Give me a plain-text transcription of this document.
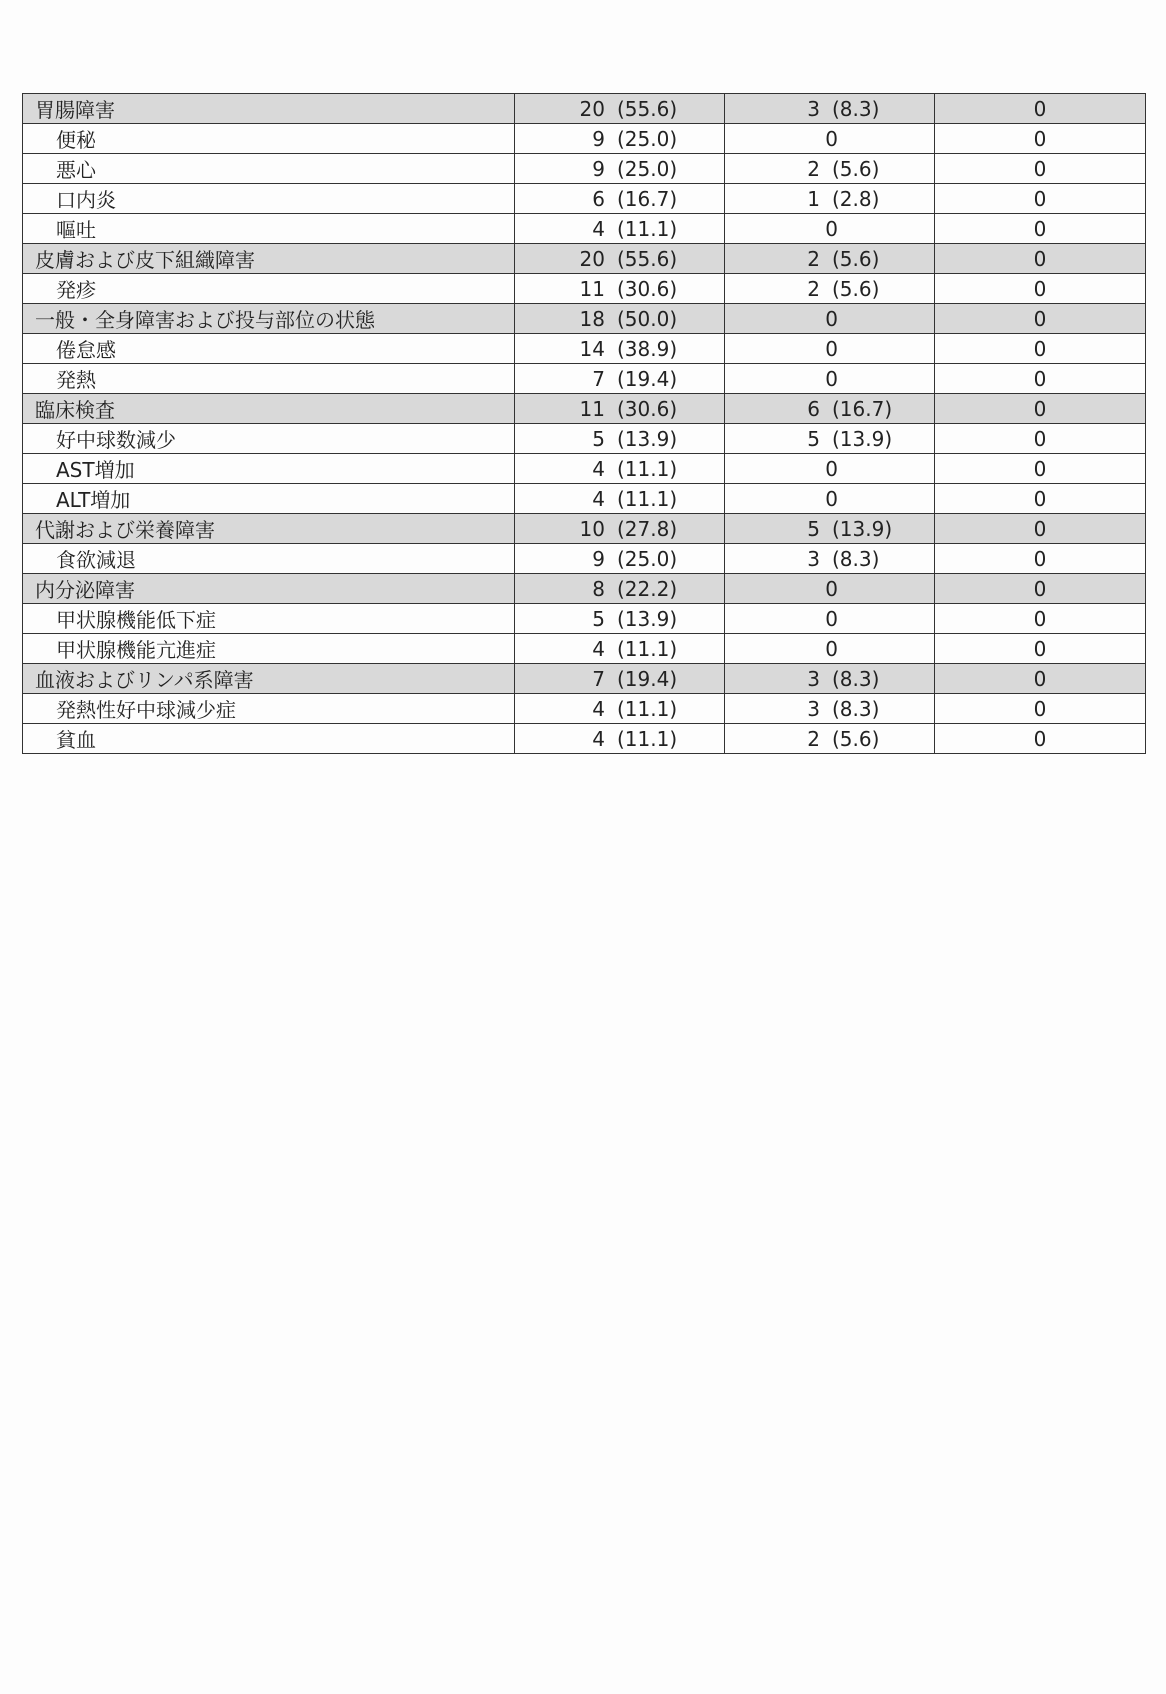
胃腸障害	20 (55.6)	3 (8.3)	0
便秘	9 (25.0)	0	0
悪心	9 (25.0)	2 (5.6)	0
口内炎	6 (16.7)	1 (2.8)	0
嘔吐	4 (11.1)	0	0
皮膚および皮下組織障害	20 (55.6)	2 (5.6)	0
発疹	11 (30.6)	2 (5.6)	0
一般・全身障害および投与部位の状態	18 (50.0)	0	0
倦怠感	14 (38.9)	0	0
発熱	7 (19.4)	0	0
臨床検査	11 (30.6)	6 (16.7)	0
好中球数減少	5 (13.9)	5 (13.9)	0
AST増加	4 (11.1)	0	0
ALT増加	4 (11.1)	0	0
代謝および栄養障害	10 (27.8)	5 (13.9)	0
食欲減退	9 (25.0)	3 (8.3)	0
内分泌障害	8 (22.2)	0	0
甲状腺機能低下症	5 (13.9)	0	0
甲状腺機能亢進症	4 (11.1)	0	0
血液およびリンパ系障害	7 (19.4)	3 (8.3)	0
発熱性好中球減少症	4 (11.1)	3 (8.3)	0
貧血	4 (11.1)	2 (5.6)	0
